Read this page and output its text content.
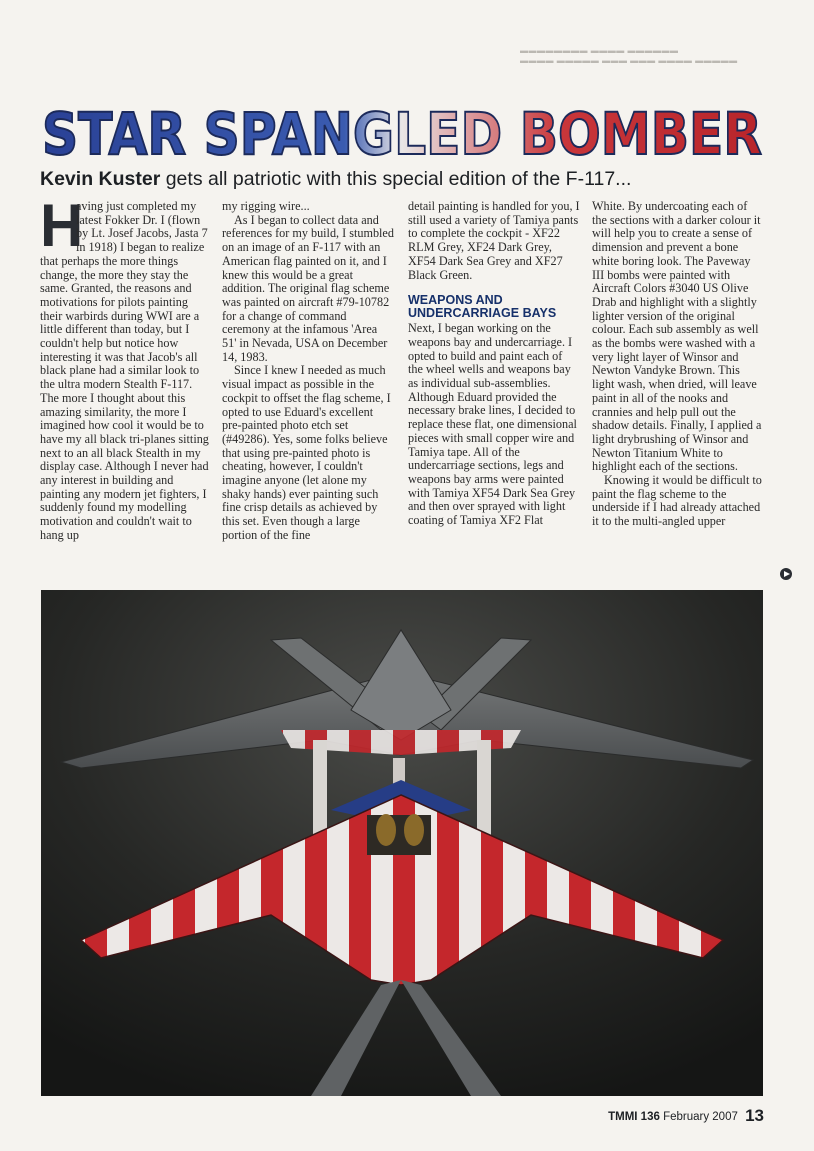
▬▬▬▬▬▬▬▬ ▬▬▬▬ ▬▬▬▬▬▬
▬▬▬▬ ▬▬▬▬▬ ▬▬▬ ▬▬▬ ▬▬▬▬ ▬▬▬▬▬
STAR SPANGLED BOMBER
Kevin Kuster gets all patriotic with this special edition of the F-117...
H

aving just completed my latest Fokker Dr. I (flown by Lt. Josef Jacobs, Jasta 7 in 1918) I began to realize that perhaps the more things change, the more they stay the same. Granted, the reasons and motivations for pilots painting their warbirds during WWI are a little different than today, but I couldn't help but notice how interesting it was that Jacob's all black plane had a similar look to the ultra modern Stealth F-117. The more I thought about this amazing similarity, the more I imagined how cool it would be to have my all black tri-planes sitting next to an all black Stealth in my display case. Although I never had any interest in building and painting any modern jet fighters, I suddenly found my modelling motivation and couldn't wait to hang up

my rigging wire...

As I began to collect data and references for my build, I stumbled on an image of an F-117 with an American flag painted on it, and I knew this would be a great addition. The original flag scheme was painted on aircraft #79-10782 for a change of command ceremony at the infamous 'Area 51' in Nevada, USA on December 14, 1983.

Since I knew I needed as much visual impact as possible in the cockpit to offset the flag scheme, I opted to use Eduard's excellent pre-painted photo etch set (#49286). Yes, some folks believe that using pre-painted photo is cheating, however, I couldn't imagine anyone (let alone my shaky hands) ever painting such fine crisp details as achieved by this set. Even though a large portion of the fine

detail painting is handled for you, I still used a variety of Tamiya pants to complete the cockpit - XF22 RLM Grey, XF24 Dark Grey, XF54 Dark Sea Grey and XF27 Black Green.

WEAPONS AND UNDERCARRIAGE BAYS

Next, I began working on the weapons bay and undercarriage. I opted to build and paint each of the wheel wells and weapons bay as individual sub-assemblies. Although Eduard provided the necessary brake lines, I decided to replace these flat, one dimensional pieces with small copper wire and Tamiya tape. All of the undercarriage sections, legs and weapons bay arms were painted with Tamiya XF54 Dark Sea Grey and then over sprayed with light coating of Tamiya XF2 Flat

White. By undercoating each of the sections with a darker colour it will help you to create a sense of dimension and prevent a bone white boring look. The Paveway III bombs were painted with Aircraft Colors #3040 US Olive Drab and highlight with a slightly lighter version of the original colour. Each sub assembly as well as the bombs were washed with a very light layer of Winsor and Newton Vandyke Brown. This light wash, when dried, will leave paint in all of the nooks and crannies and help pull out the shadow details. Finally, I applied a light drybrushing of Winsor and Newton Titanium White to highlight each of the sections.

Knowing it would be difficult to paint the flag scheme to the underside if I had already attached it to the multi-angled upper

TMMI 136 February 2007 13
